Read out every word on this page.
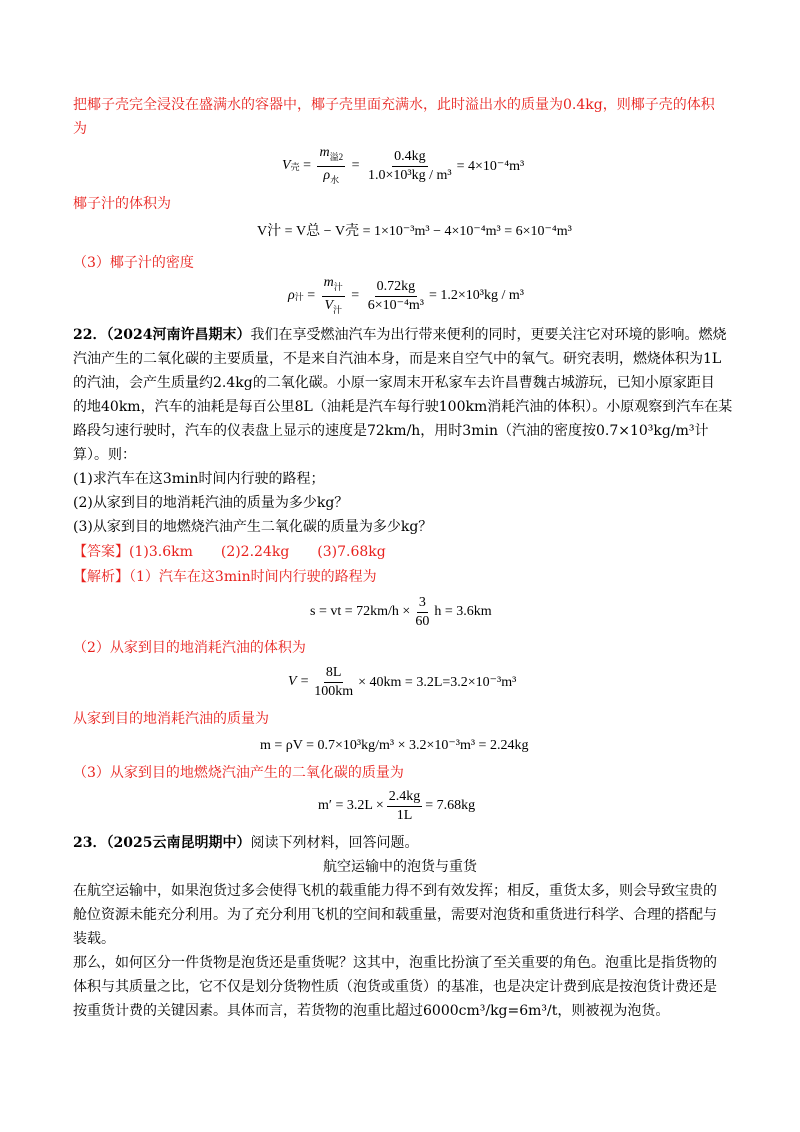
把椰子壳完全浸没在盛满水的容器中，椰子壳里面充满水，此时溢出水的质量为0.4kg，则椰子壳的体积
为
V 壳 = $\frac{m_{溢2}}{\rho_水} = \frac{0.4kg}{\text{1.0×10³kg / m³}} = 4\times 10^{-4}m^3$
椰子汁的体积为
V汁 = V总 − V壳 = 1×10⁻³m³ − 4×10⁻⁴m³ = 6×10⁻⁴m³
（3）椰子汁的密度
ρ 汁 = $\frac{m_汁}{V_汁} = \frac{0.72kg}{\text{6×10⁻⁴m³}} = 1.2\times 10^3kg / m^3$
22．（2024河南许昌期末）我们在享受燃油汽车为出行带来便利的同时，更要关注它对环境的影响。燃烧
汽油产生的二氧化碳的主要质量，不是来自汽油本身，而是来自空气中的氧气。研究表明，燃烧体积为1L
的汽油，会产生质量约2.4kg的二氧化碳。小原一家周末开私家车去许昌曹魏古城游玩，已知小原家距目
的地40km，汽车的油耗是每百公里8L（油耗是汽车每行驶100km消耗汽油的体积）。小原观察到汽车在某
路段匀速行驶时，汽车的仪表盘上显示的速度是72km/h，用时3min（汽油的密度按0.7×10³kg/m³计
算）。则：
(1)求汽车在这3min时间内行驶的路程；
(2)从家到目的地消耗汽油的质量为多少kg？
(3)从家到目的地燃烧汽油产生二氧化碳的质量为多少kg？
【答案】(1)3.6km　　(2)2.24kg　　(3)7.68kg
【解析】（1）汽车在这3min时间内行驶的路程为
s = vt = $72km/h \times \frac{3}{60}$ h = 3.6km
（2）从家到目的地消耗汽油的体积为
$V = \frac{8L}{100km} \times 40km = 3.2L=3.2\times 10^{-3}m^3$
从家到目的地消耗汽油的质量为
m = ρV = 0.7×10³kg/m³ × 3.2×10⁻³m³ = 2.24kg
（3）从家到目的地燃烧汽油产生的二氧化碳的质量为
$m' = 3.2L \times \frac{2.4kg}{1L} = 7.68kg$
23．（2025云南昆明期中）阅读下列材料，回答问题。
航空运输中的泡货与重货
在航空运输中，如果泡货过多会使得飞机的载重能力得不到有效发挥；相反，重货太多，则会导致宝贵的
舱位资源未能充分利用。为了充分利用飞机的空间和载重量，需要对泡货和重货进行科学、合理的搭配与
装载。
那么，如何区分一件货物是泡货还是重货呢？这其中，泡重比扮演了至关重要的角色。泡重比是指货物的
体积与其质量之比，它不仅是划分货物性质（泡货或重货）的基准，也是决定计费到底是按泡货计费还是
按重货计费的关键因素。具体而言，若货物的泡重比超过6000cm³/kg=6m³/t，则被视为泡货。
